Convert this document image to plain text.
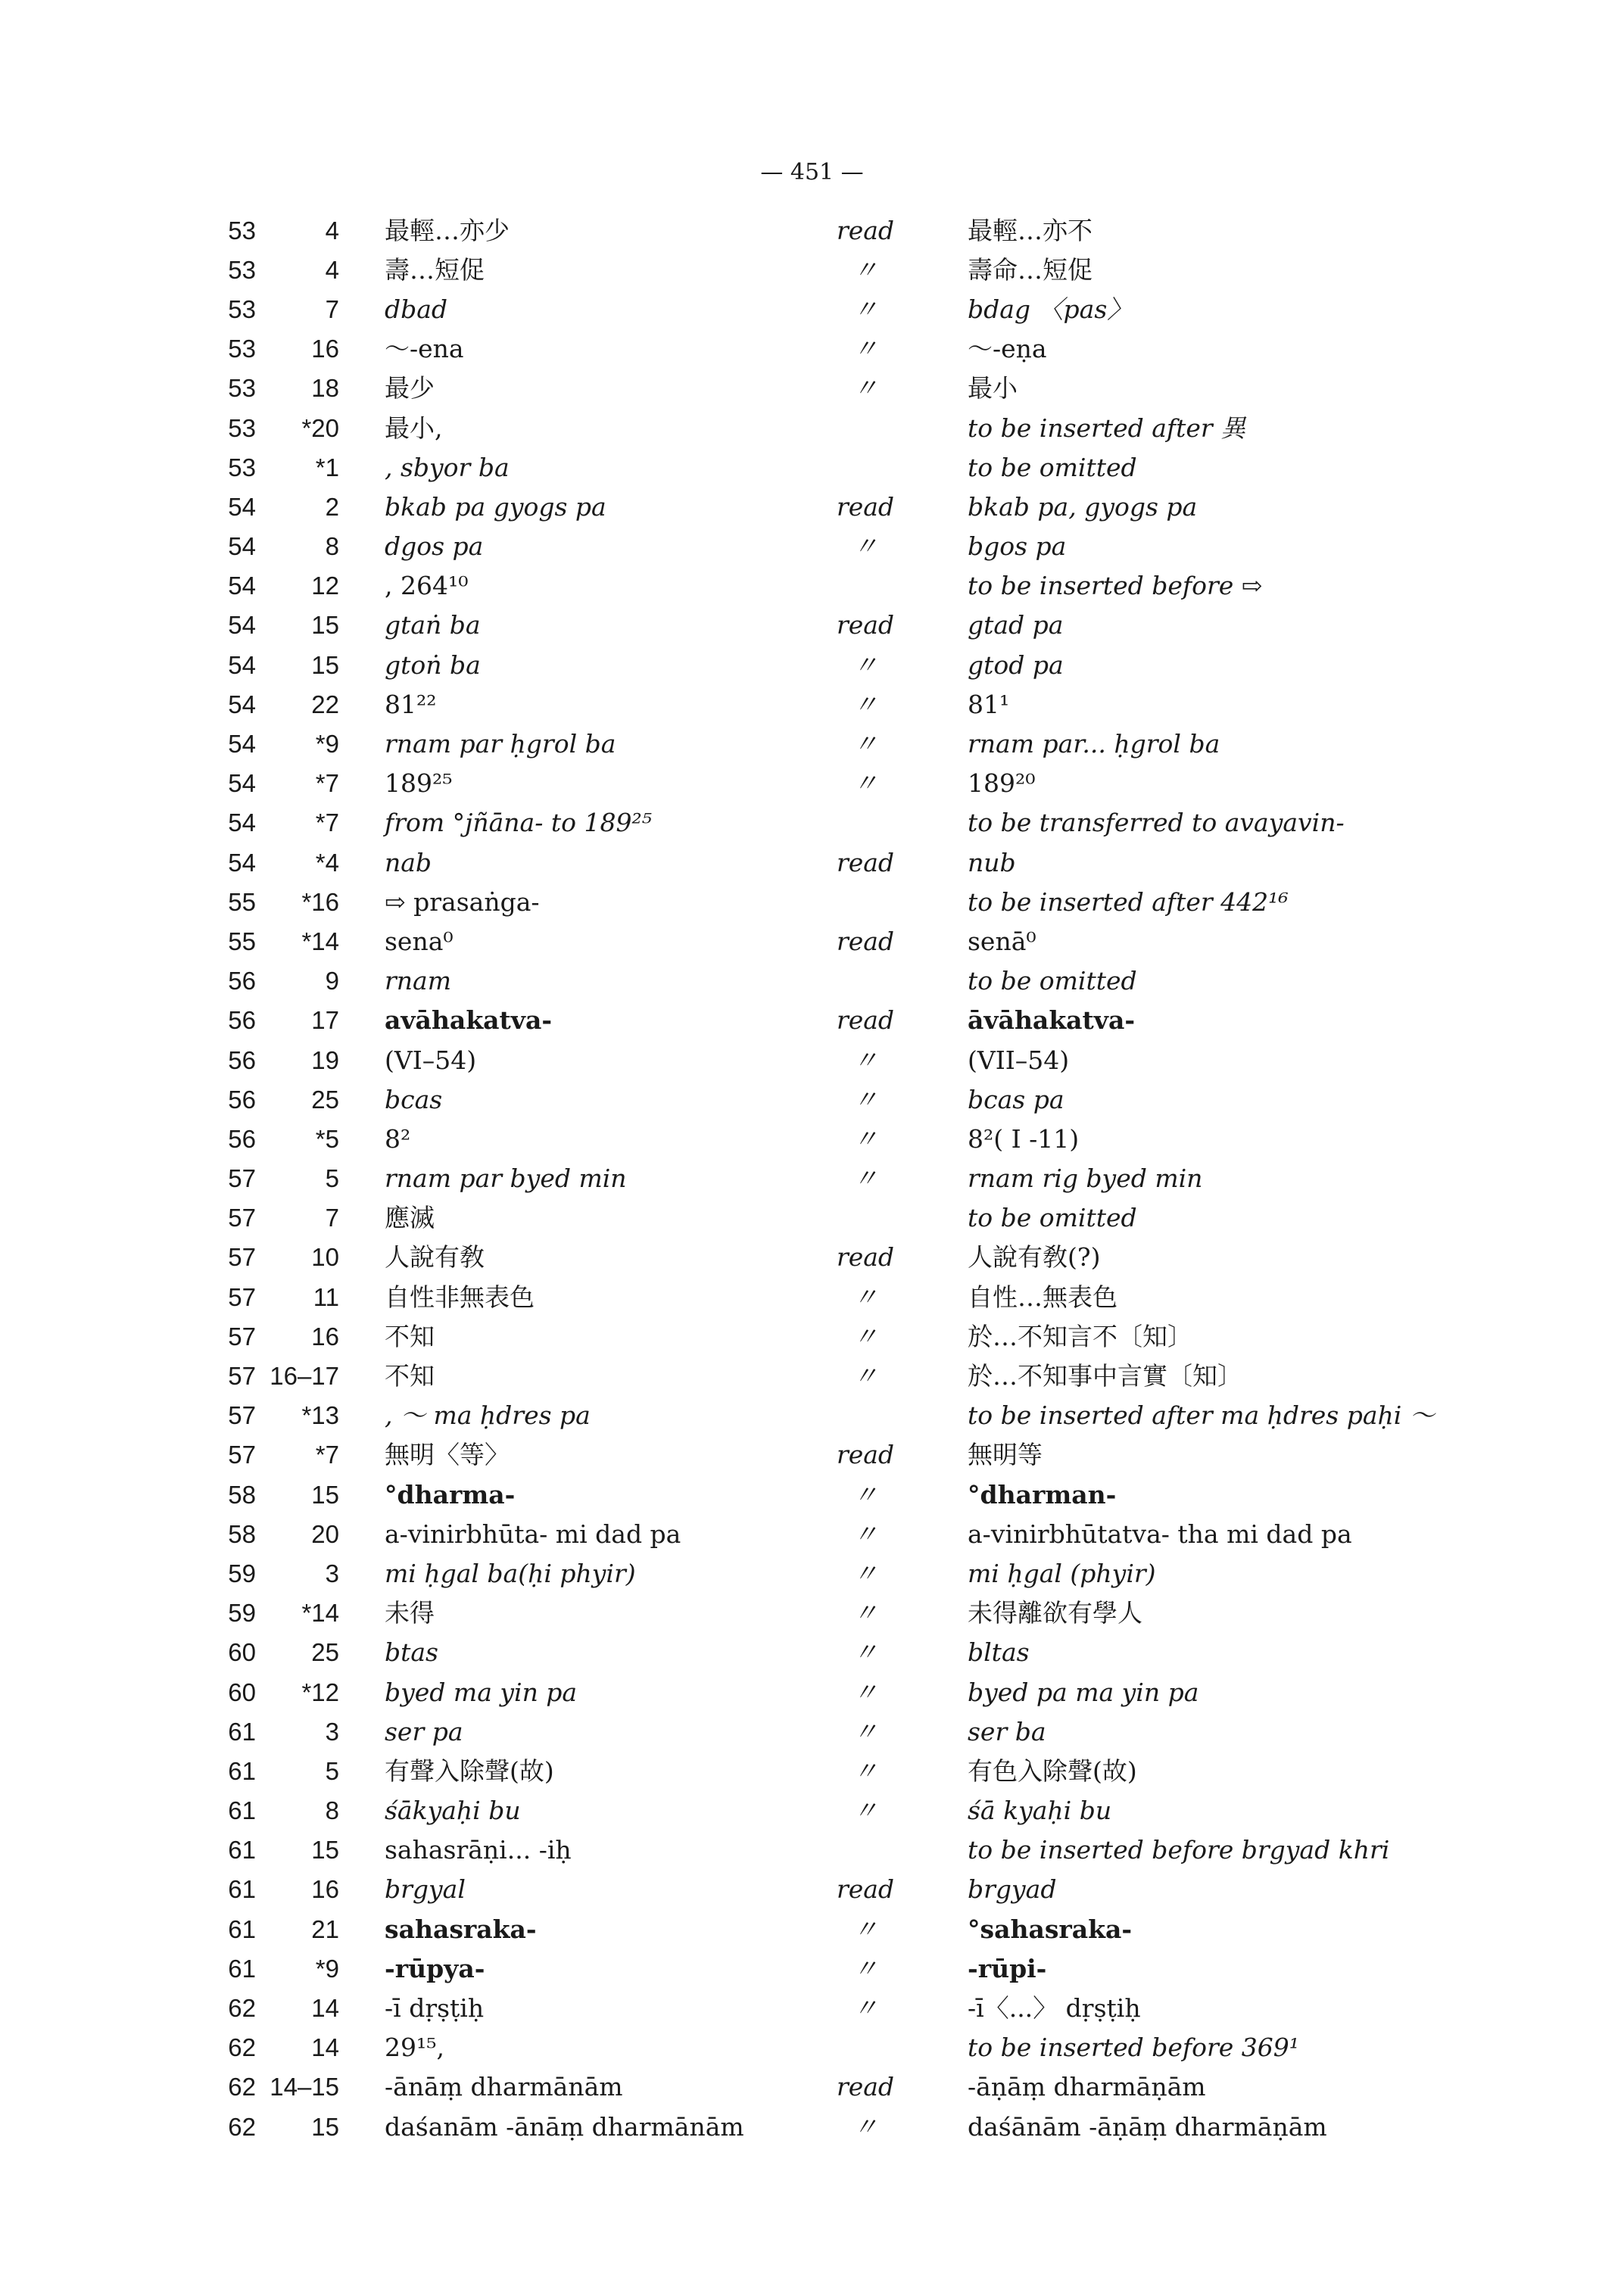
— 451 —
53	4		最輕…亦少	read	最輕…亦不
53	4		壽…短促	〃	壽命…短促
53	7		dbad	〃	bdag 〈pas〉
53	16		～-ena	〃	～-eṇa
53	18		最少	〃	最小
53	*20		最小,		to be inserted after 異
53	*1		, sbyor ba		to be omitted
54	2		bkab pa gyogs pa	read	bkab pa, gyogs pa
54	8		dgos pa	〃	bgos pa
54	12		, 264¹⁰		to be inserted before ⇨
54	15		gtaṅ ba	read	gtad pa
54	15		gtoṅ ba	〃	gtod pa
54	22		81²²	〃	81¹
54	*9		rnam par ḥgrol ba	〃	rnam par... ḥgrol ba
54	*7		189²⁵	〃	189²⁰
54	*7		from °jñāna- to 189²⁵		to be transferred to avayavin-
54	*4		nab	read	nub
55	*16		⇨ prasaṅga-		to be inserted after 442¹⁶
55	*14		sena⁰	read	senā⁰
56	9		rnam		to be omitted
56	17		avāhakatva-	read	āvāhakatva-
56	19		(VI–54)	〃	(VII–54)
56	25		bcas	〃	bcas pa
56	*5		8²	〃	8²( I -11)
57	5		rnam par byed min	〃	rnam rig byed min
57	7		應滅		to be omitted
57	10		人說有敎	read	人說有敎(?)
57	11		自性非無表色	〃	自性…無表色
57	16		不知	〃	於…不知言不〔知〕
57	16–17		不知	〃	於…不知事中言實〔知〕
57	*13		, ～ ma ḥdres pa		to be inserted after ma ḥdres paḥi ～
57	*7		無明〈等〉	read	無明等
58	15		°dharma-	〃	°dharman-
58	20		a-vinirbhūta- mi dad pa	〃	a-vinirbhūtatva- tha mi dad pa
59	3		mi ḥgal ba(ḥi phyir)	〃	mi ḥgal (phyir)
59	*14		未得	〃	未得離欲有學人
60	25		btas	〃	bltas
60	*12		byed ma yin pa	〃	byed pa ma yin pa
61	3		ser pa	〃	ser ba
61	5		有聲入除聲(故)	〃	有色入除聲(故)
61	8		śākyaḥi bu	〃	śā kyaḥi bu
61	15		sahasrāṇi... -iḥ		to be inserted before brgyad khri
61	16		brgyal	read	brgyad
61	21		sahasraka-	〃	°sahasraka-
61	*9		-rūpya-	〃	-rūpi-
62	14		-ī dṛṣṭiḥ	〃	-ī〈...〉 dṛṣṭiḥ
62	14		29¹⁵,		to be inserted before 369¹
62	14–15		-ānāṃ dharmānām	read	-āṇāṃ dharmāṇām
62	15		daśanām -ānāṃ dharmānām	〃	daśānām -āṇāṃ dharmāṇām
